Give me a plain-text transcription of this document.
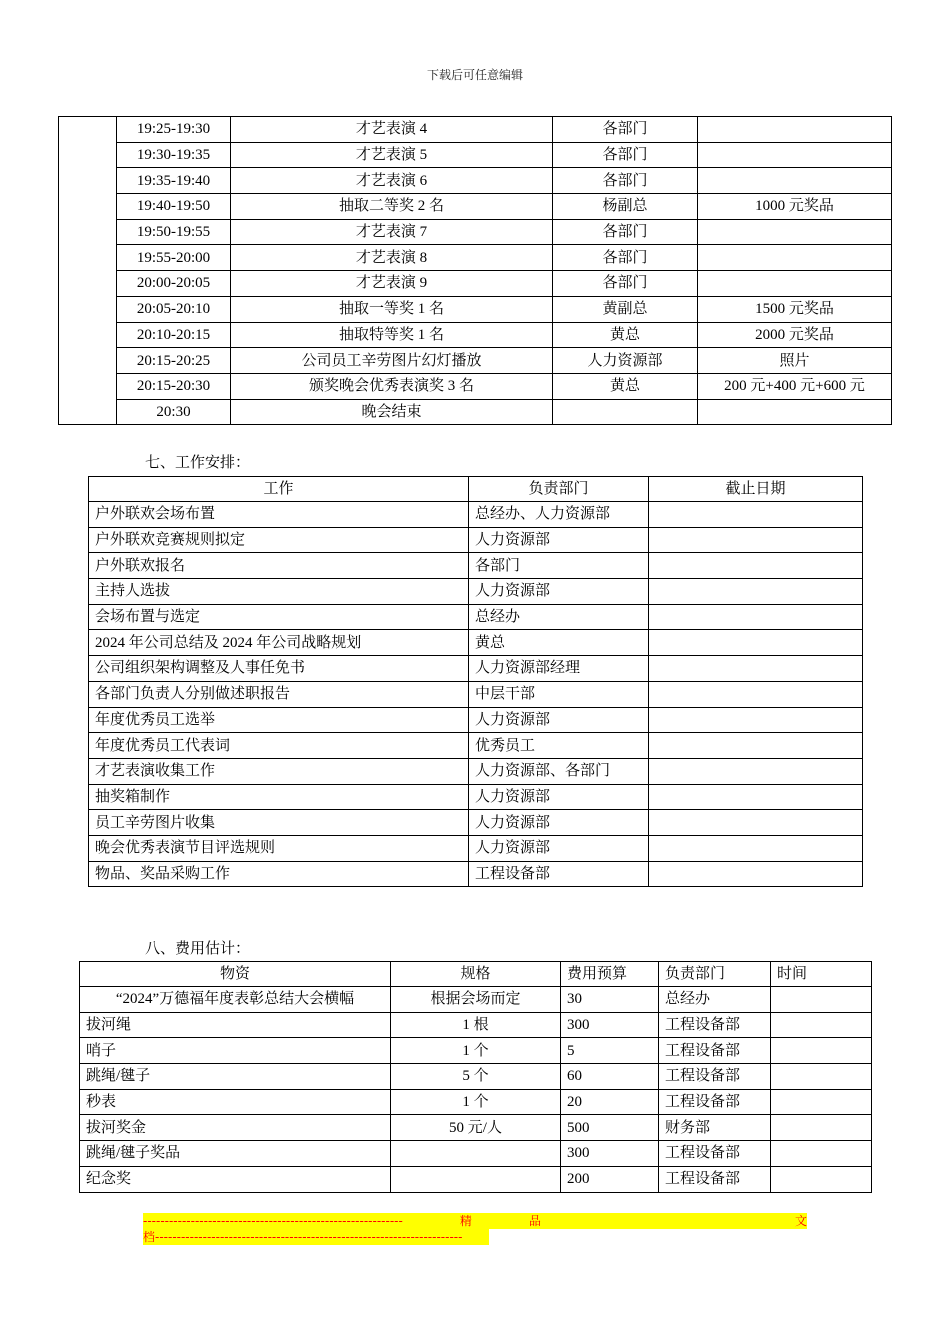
下载后可任意编辑
	19:25-19:30	才艺表演 4	各部门	
	19:30-19:35	才艺表演 5	各部门	
	19:35-19:40	才艺表演 6	各部门	
	19:40-19:50	抽取二等奖 2 名	杨副总	1000 元奖品
	19:50-19:55	才艺表演 7	各部门	
	19:55-20:00	才艺表演 8	各部门	
	20:00-20:05	才艺表演 9	各部门	
	20:05-20:10	抽取一等奖 1 名	黄副总	1500 元奖品
	20:10-20:15	抽取特等奖 1 名	黄总	2000 元奖品
	20:15-20:25	公司员工辛劳图片幻灯播放	人力资源部	照片
	20:15-20:30	颁奖晚会优秀表演奖 3 名	黄总	200 元+400 元+600 元
	20:30	晚会结束		
七、工作安排：
工作	负责部门	截止日期
户外联欢会场布置	总经办、人力资源部	
户外联欢竞赛规则拟定	人力资源部	
户外联欢报名	各部门	
主持人选拔	人力资源部	
会场布置与选定	总经办	
2024 年公司总结及 2024 年公司战略规划	黄总	
公司组织架构调整及人事任免书	人力资源部经理	
各部门负责人分别做述职报告	中层干部	
年度优秀员工选举	人力资源部	
年度优秀员工代表词	优秀员工	
才艺表演收集工作	人力资源部、各部门	
抽奖箱制作	人力资源部	
员工辛劳图片收集	人力资源部	
晚会优秀表演节目评选规则	人力资源部	
物品、奖品采购工作	工程设备部	
八、费用估计：
物资	规格	费用预算	负责部门	时间
“2024”万德福年度表彰总结大会横幅	根据会场而定	30	总经办	
拔河绳	1 根	300	工程设备部	
哨子	1 个	5	工程设备部	
跳绳/毽子	5 个	60	工程设备部	
秒表	1 个	20	工程设备部	
拔河奖金	50 元/人	500	财务部	
跳绳/毽子奖品		300	工程设备部	
纪念奖		200	工程设备部	
------------------------------------------------------------	精	品	文
档-----------------------------------------------------------------------
